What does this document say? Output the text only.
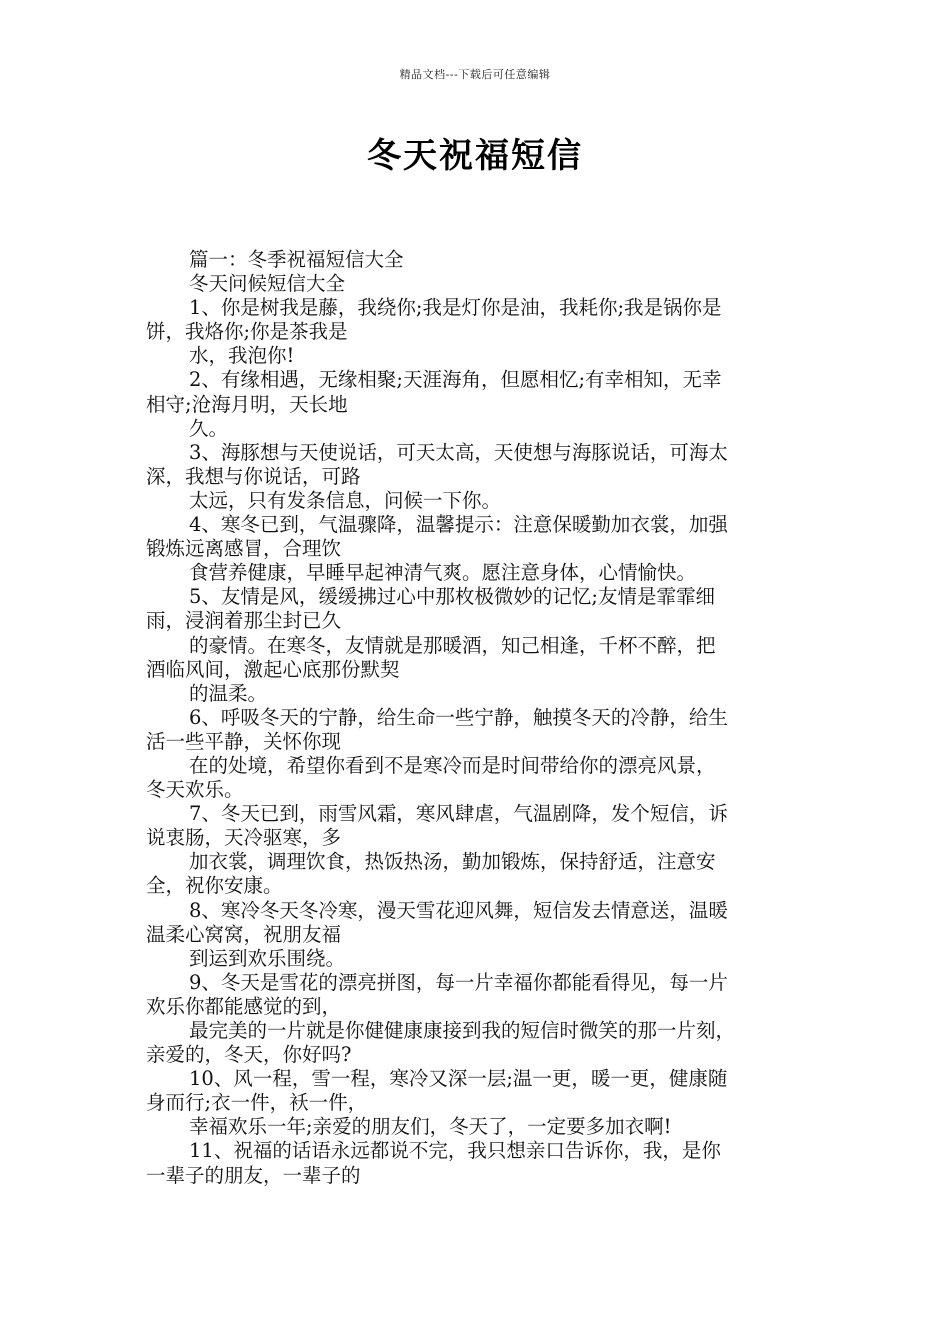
精品文档---下载后可任意编辑
冬天祝福短信
篇一：冬季祝福短信大全
冬天问候短信大全
1、你是树我是藤，我绕你;我是灯你是油，我耗你;我是锅你是
饼，我烙你;你是茶我是
水，我泡你!
2、有缘相遇，无缘相聚;天涯海角，但愿相忆;有幸相知，无幸
相守;沧海月明，天长地
久。
3、海豚想与天使说话，可天太高，天使想与海豚说话，可海太
深，我想与你说话，可路
太远，只有发条信息，问候一下你。
4、寒冬已到，气温骤降，温馨提示：注意保暖勤加衣裳，加强
锻炼远离感冒，合理饮
食营养健康，早睡早起神清气爽。愿注意身体，心情愉快。
5、友情是风，缓缓拂过心中那枚极微妙的记忆;友情是霏霏细
雨，浸润着那尘封已久
的豪情。在寒冬，友情就是那暖酒，知己相逢，千杯不醉，把
酒临风间，激起心底那份默契
的温柔。
6、呼吸冬天的宁静，给生命一些宁静，触摸冬天的冷静，给生
活一些平静，关怀你现
在的处境，希望你看到不是寒冷而是时间带给你的漂亮风景，
冬天欢乐。
7、冬天已到，雨雪风霜，寒风肆虐，气温剧降，发个短信，诉
说衷肠，天冷驱寒，多
加衣裳，调理饮食，热饭热汤，勤加锻炼，保持舒适，注意安
全，祝你安康。
8、寒冷冬天冬冷寒，漫天雪花迎风舞，短信发去情意送，温暖
温柔心窝窝，祝朋友福
到运到欢乐围绕。
9、冬天是雪花的漂亮拼图，每一片幸福你都能看得见，每一片
欢乐你都能感觉的到，
最完美的一片就是你健健康康接到我的短信时微笑的那一片刻，
亲爱的，冬天，你好吗?
10、风一程，雪一程，寒冷又深一层;温一更，暖一更，健康随
身而行;衣一件，袄一件，
幸福欢乐一年;亲爱的朋友们，冬天了，一定要多加衣啊!
11、祝福的话语永远都说不完，我只想亲口告诉你，我，是你
一辈子的朋友，一辈子的
